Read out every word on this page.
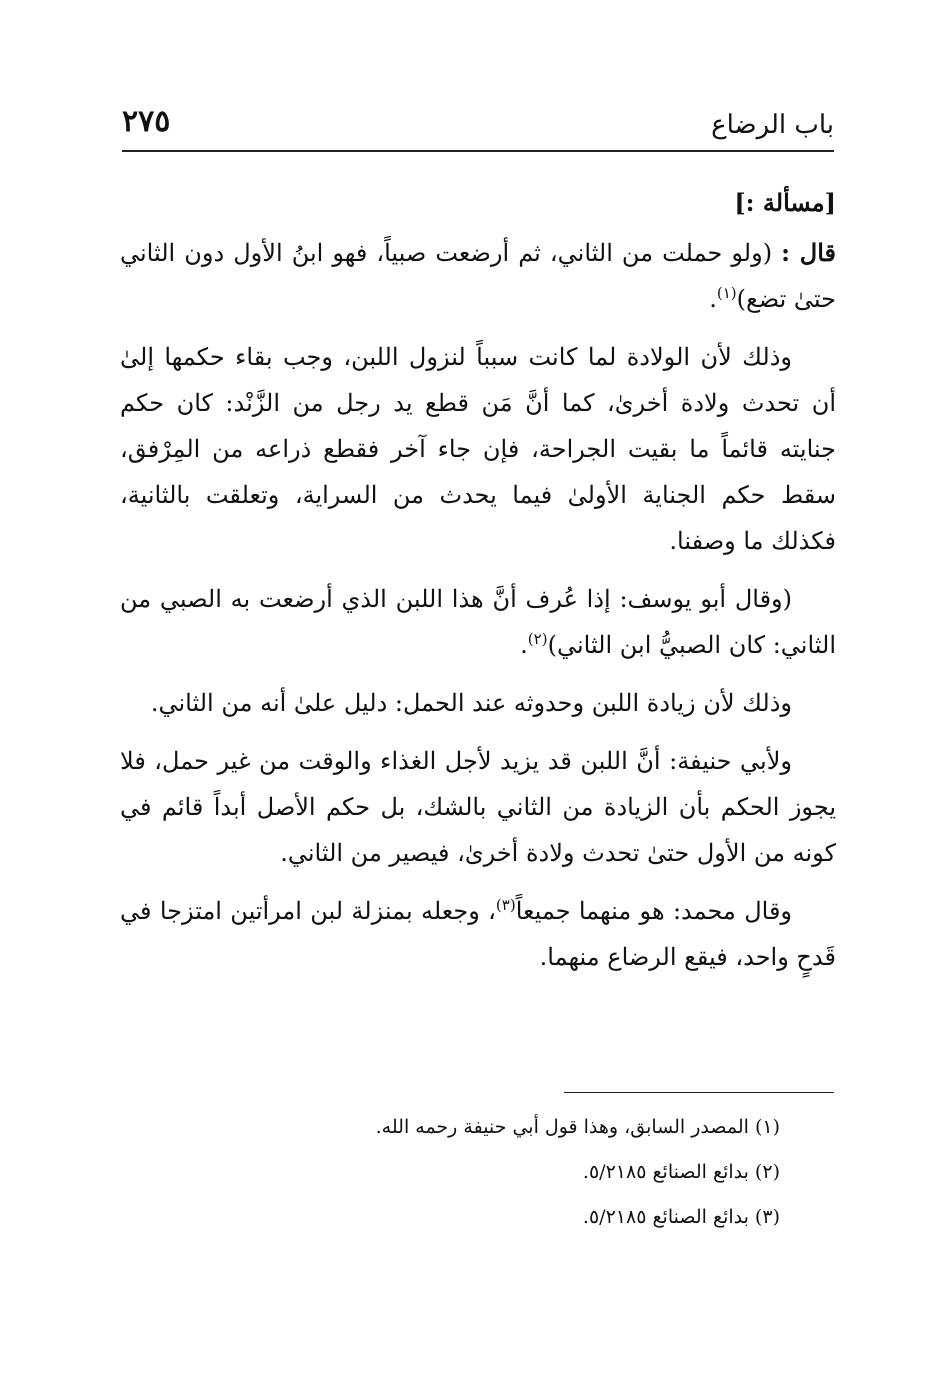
٢٧٥	باب الرضاع

[مسألة :]

قال : (ولو حملت من الثاني، ثم أرضعت صبياً، فهو ابنُ الأول دون الثاني حتىٰ تضع)$^{(١)}$.

وذلك لأن الولادة لما كانت سبباً لنزول اللبن، وجب بقاء حكمها إلىٰ أن تحدث ولادة أخرىٰ، كما أنَّ مَن قطع يد رجل من الزَّنْد: كان حكم جنايته قائماً ما بقيت الجراحة، فإن جاء آخر فقطع ذراعه من المِرْفق، سقط حكم الجناية الأولىٰ فيما يحدث من السراية، وتعلقت بالثانية، فكذلك ما وصفنا.

(وقال أبو يوسف: إذا عُرف أنَّ هذا اللبن الذي أرضعت به الصبي من الثاني: كان الصبيُّ ابن الثاني)$^{(٢)}$.

وذلك لأن زيادة اللبن وحدوثه عند الحمل: دليل علىٰ أنه من الثاني.

ولأبي حنيفة: أنَّ اللبن قد يزيد لأجل الغذاء والوقت من غير حمل، فلا يجوز الحكم بأن الزيادة من الثاني بالشك، بل حكم الأصل أبداً قائم في كونه من الأول حتىٰ تحدث ولادة أخرىٰ، فيصير من الثاني.

وقال محمد: هو منهما جميعاً$^{(٣)}$، وجعله بمنزلة لبن امرأتين امتزجا في قَدحٍ واحد، فيقع الرضاع منهما.

(١) المصدر السابق، وهذا قول أبي حنيفة رحمه الله.

(٢) بدائع الصنائع ٥/٢١٨٥.

(٣) بدائع الصنائع ٥/٢١٨٥.
